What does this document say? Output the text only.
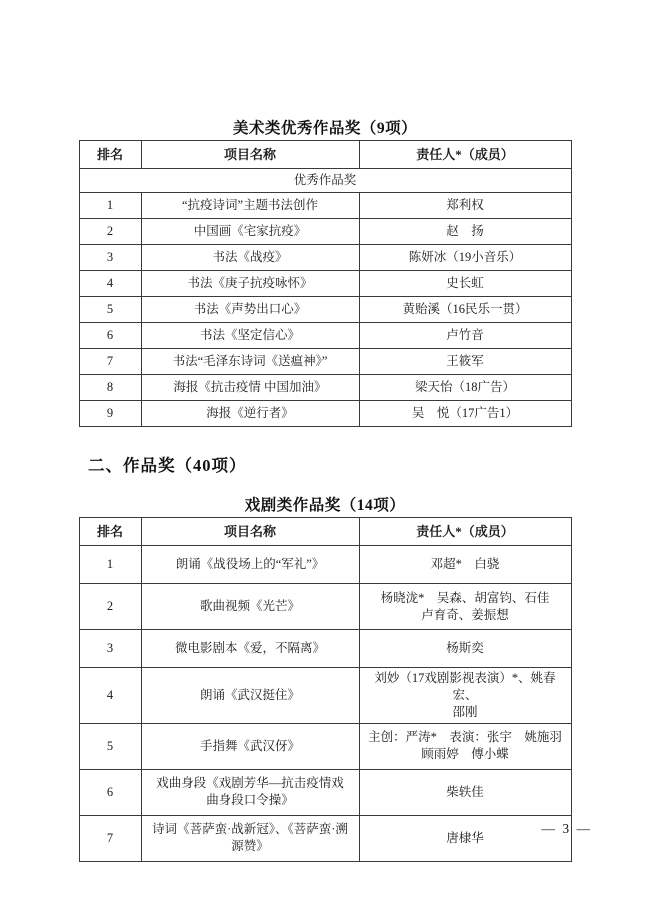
美术类优秀作品奖（9项）
排名	项目名称	责任人*（成员）
优秀作品奖		
1	“抗疫诗词”主题书法创作	郑利权
2	中国画《宅家抗疫》	赵　扬
3	书法《战疫》	陈妍冰（19小音乐）
4	书法《庚子抗疫咏怀》	史长虹
5	书法《声势出口心》	黄贻溪（16民乐一贯）
6	书法《坚定信心》	卢竹音
7	书法“毛泽东诗词《送瘟神》”	王筱军
8	海报《抗击疫情 中国加油》	梁天怡（18广告）
9	海报《逆行者》	吴　悦（17广告1）
二、作品奖（40项）
戏剧类作品奖（14项）
排名	项目名称	责任人*（成员）
1	朗诵《战役场上的“军礼”》	邓超*　白骁

2	歌曲视频《光芒》	杨晓泷*　吴森、胡富钧、石佳
卢育奇、姜振想

3	微电影剧本《爱，不隔离》	杨斯奕

4	朗诵《武汉挺住》	刘妙（17戏剧影视表演）*、姚春宏、
邵刚

5	手指舞《武汉伢》	主创：严涛*　表演：张宇　姚施羽
顾雨婷　傅小蝶

6	戏曲身段《戏剧芳华—抗击疫情戏
曲身段口令操》	柴轶佳

7	诗词《菩萨蛮·战新冠》、《菩萨蛮·溯
源赞》	唐棣华
— 3 —
